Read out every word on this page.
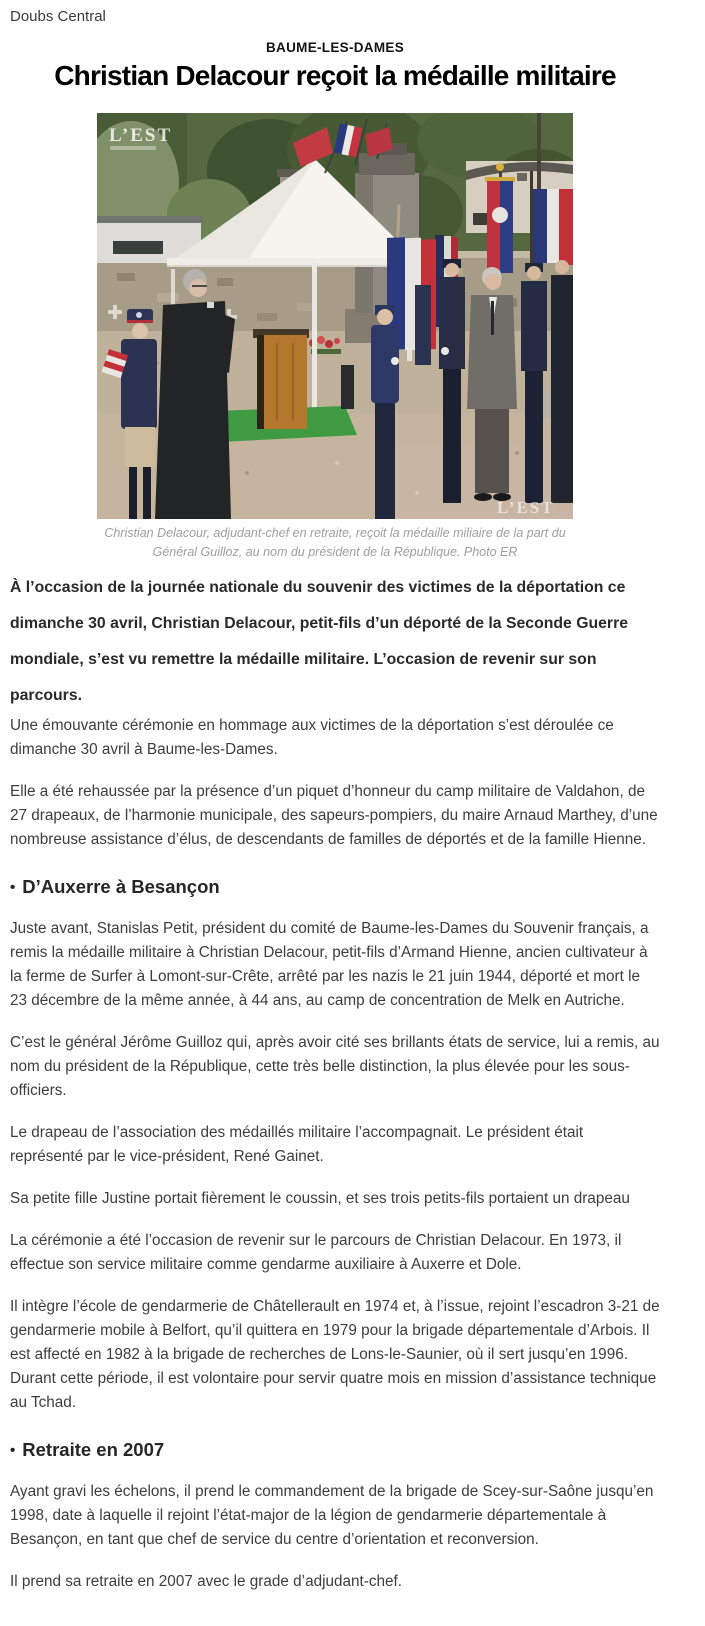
Doubs Central
BAUME-LES-DAMES
Christian Delacour reçoit la médaille militaire
L’EST
L’EST
Christian Delacour, adjudant-chef en retraite, reçoit la médaille miliaire de la part du Général Guilloz, au nom du président de la République. Photo ER

À l’occasion de la journée nationale du souvenir des victimes de la déportation ce dimanche 30 avril, Christian Delacour, petit-fils d’un déporté de la Seconde Guerre mondiale, s’est vu remettre la médaille militaire. L’occasion de revenir sur son parcours.

Une émouvante cérémonie en hommage aux victimes de la déportation s’est déroulée ce dimanche 30 avril à Baume-les-Dames.

Elle a été rehaussée par la présence d’un piquet d’honneur du camp militaire de Valdahon, de 27 drapeaux, de l’harmonie municipale, des sapeurs-pompiers, du maire Arnaud Marthey, d’une nombreuse assistance d’élus, de descendants de familles de déportés et de la famille Hienne.

• D’Auxerre à Besançon

Juste avant, Stanislas Petit, président du comité de Baume-les-Dames du Souvenir français, a remis la médaille militaire à Christian Delacour, petit-fils d’Armand Hienne, ancien cultivateur à la ferme de Surfer à Lomont-sur-Crête, arrêté par les nazis le 21 juin 1944, déporté et mort le 23 décembre de la même année, à 44 ans, au camp de concentration de Melk en Autriche.

C’est le général Jérôme Guilloz qui, après avoir cité ses brillants états de service, lui a remis, au nom du président de la République, cette très belle distinction, la plus élevée pour les sous-officiers.

Le drapeau de l’association des médaillés militaire l’accompagnait. Le président était représenté par le vice-président, René Gainet.

Sa petite fille Justine portait fièrement le coussin, et ses trois petits-fils portaient un drapeau

La cérémonie a été l’occasion de revenir sur le parcours de Christian Delacour. En 1973, il effectue son service militaire comme gendarme auxiliaire à Auxerre et Dole.

Il intègre l’école de gendarmerie de Châtellerault en 1974 et, à l’issue, rejoint l’escadron 3-21 de gendarmerie mobile à Belfort, qu’il quittera en 1979 pour la brigade départementale d’Arbois. Il est affecté en 1982 à la brigade de recherches de Lons-le-Saunier, où il sert jusqu’en 1996. Durant cette période, il est volontaire pour servir quatre mois en mission d’assistance technique au Tchad.

• Retraite en 2007

Ayant gravi les échelons, il prend le commandement de la brigade de Scey-sur-Saône jusqu’en 1998, date à laquelle il rejoint l’état-major de la légion de gendarmerie départementale à Besançon, en tant que chef de service du centre d’orientation et reconversion.

Il prend sa retraite en 2007 avec le grade d’adjudant-chef.
